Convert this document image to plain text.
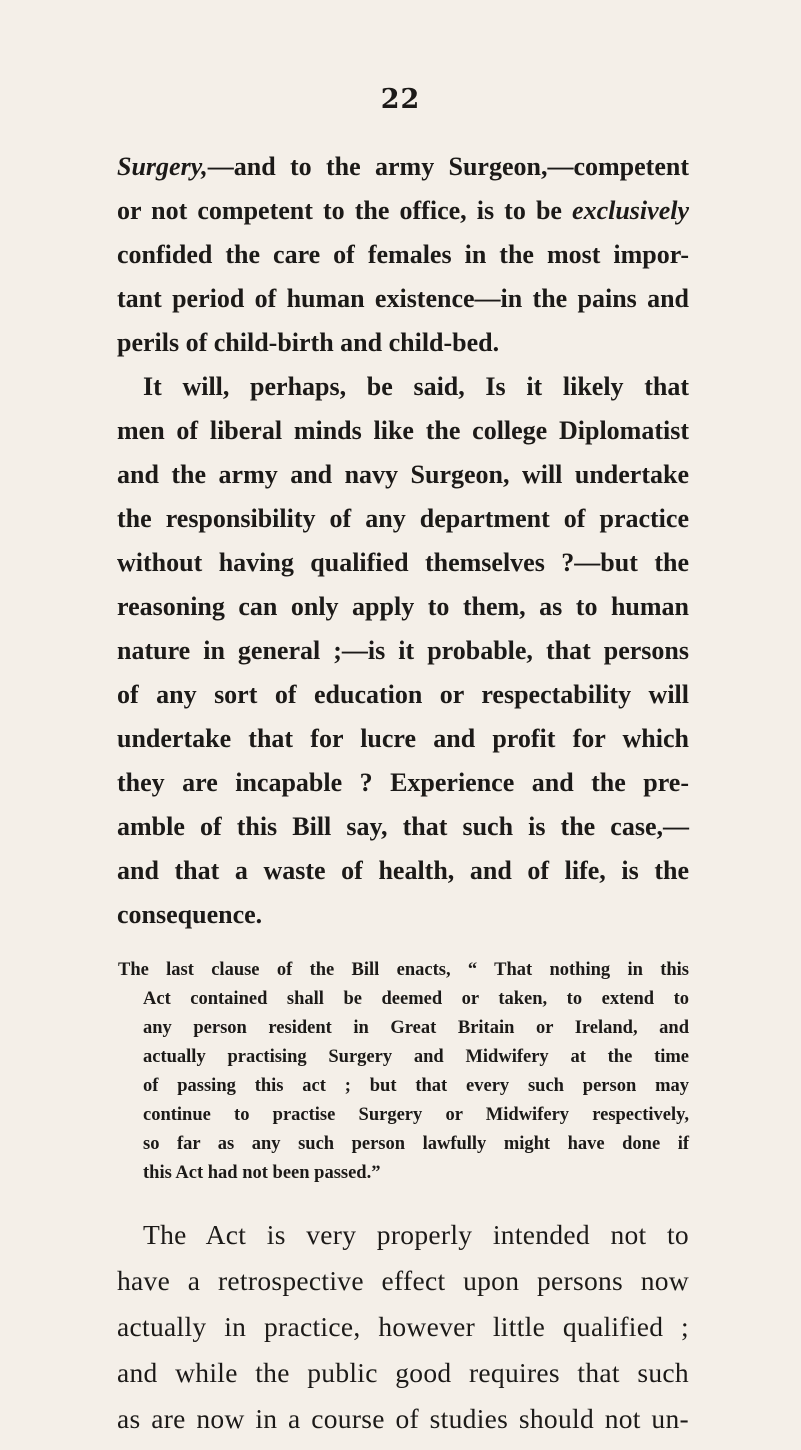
22
Surgery,—and to the army Surgeon,—competent
or not competent to the office, is to be exclusively
confided the care of females in the most impor-
tant period of human existence—in the pains and
perils of child-birth and child-bed.
It will, perhaps, be said, Is it likely that
men of liberal minds like the college Diplomatist
and the army and navy Surgeon, will undertake
the responsibility of any department of practice
without having qualified themselves ?—but the
reasoning can only apply to them, as to human
nature in general ;—is it probable, that persons
of any sort of education or respectability will
undertake that for lucre and profit for which
they are incapable ? Experience and the pre-
amble of this Bill say, that such is the case,—
and that a waste of health, and of life, is the
consequence.
The last clause of the Bill enacts, “ That nothing in this
Act contained shall be deemed or taken, to extend to
any person resident in Great Britain or Ireland, and
actually practising Surgery and Midwifery at the time
of passing this act ; but that every such person may
continue to practise Surgery or Midwifery respectively,
so far as any such person lawfully might have done if
this Act had not been passed.”
The Act is very properly intended not to
have a retrospective effect upon persons now
actually in practice, however little qualified ;
and while the public good requires that such
as are now in a course of studies should not un-
